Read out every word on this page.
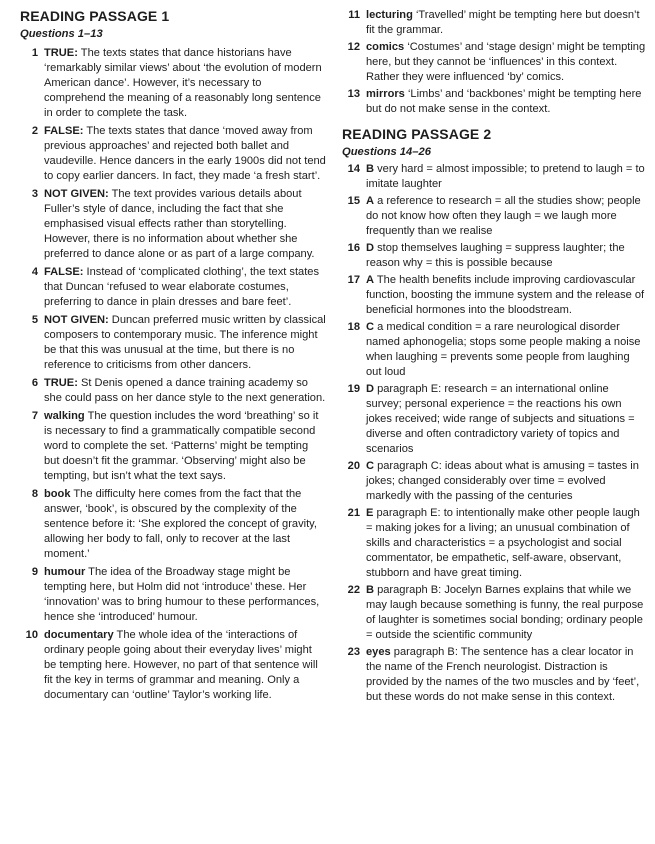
READING PASSAGE 1
Questions 1–13
1 TRUE: The texts states that dance historians have ‘remarkably similar views’ about ‘the evolution of modern American dance’. However, it’s necessary to comprehend the meaning of a reasonably long sentence in order to complete the task.
2 FALSE: The texts states that dance ‘moved away from previous approaches’ and rejected both ballet and vaudeville. Hence dancers in the early 1900s did not tend to copy earlier dancers. In fact, they made ‘a fresh start’.
3 NOT GIVEN: The text provides various details about Fuller’s style of dance, including the fact that she emphasised visual effects rather than storytelling. However, there is no information about whether she preferred to dance alone or as part of a large company.
4 FALSE: Instead of ‘complicated clothing’, the text states that Duncan ‘refused to wear elaborate costumes, preferring to dance in plain dresses and bare feet’.
5 NOT GIVEN: Duncan preferred music written by classical composers to contemporary music. The inference might be that this was unusual at the time, but there is no reference to criticisms from other dancers.
6 TRUE: St Denis opened a dance training academy so she could pass on her dance style to the next generation.
7 walking The question includes the word ‘breathing’ so it is necessary to find a grammatically compatible second word to complete the set. ‘Patterns’ might be tempting but doesn’t fit the grammar. ‘Observing’ might also be tempting, but isn’t what the text says.
8 book The difficulty here comes from the fact that the answer, ‘book’, is obscured by the complexity of the sentence before it: ‘She explored the concept of gravity, allowing her body to fall, only to recover at the last moment.’
9 humour The idea of the Broadway stage might be tempting here, but Holm did not ‘introduce’ these. Her ‘innovation’ was to bring humour to these performances, hence she ‘introduced’ humour.
10 documentary The whole idea of the ‘interactions of ordinary people going about their everyday lives’ might be tempting here. However, no part of that sentence will fit the key in terms of grammar and meaning. Only a documentary can ‘outline’ Taylor’s working life.
11 lecturing ‘Travelled’ might be tempting here but doesn’t fit the grammar.
12 comics ‘Costumes’ and ‘stage design’ might be tempting here, but they cannot be ‘influences’ in this context. Rather they were influenced ‘by’ comics.
13 mirrors ‘Limbs’ and ‘backbones’ might be tempting here but do not make sense in the context.
READING PASSAGE 2
Questions 14–26
14 B very hard = almost impossible; to pretend to laugh = to imitate laughter
15 A a reference to research = all the studies show; people do not know how often they laugh = we laugh more frequently than we realise
16 D stop themselves laughing = suppress laughter; the reason why = this is possible because
17 A The health benefits include improving cardiovascular function, boosting the immune system and the release of beneficial hormones into the bloodstream.
18 C a medical condition = a rare neurological disorder named aphonogelia; stops some people making a noise when laughing = prevents some people from laughing out loud
19 D paragraph E: research = an international online survey; personal experience = the reactions his own jokes received; wide range of subjects and situations = diverse and often contradictory variety of topics and scenarios
20 C paragraph C: ideas about what is amusing = tastes in jokes; changed considerably over time = evolved markedly with the passing of the centuries
21 E paragraph E: to intentionally make other people laugh = making jokes for a living; an unusual combination of skills and characteristics = a psychologist and social commentator, be empathetic, self-aware, observant, stubborn and have great timing.
22 B paragraph B: Jocelyn Barnes explains that while we may laugh because something is funny, the real purpose of laughter is sometimes social bonding; ordinary people = outside the scientific community
23 eyes paragraph B: The sentence has a clear locator in the name of the French neurologist. Distraction is provided by the names of the two muscles and by ‘feet’, but these words do not make sense in this context.
